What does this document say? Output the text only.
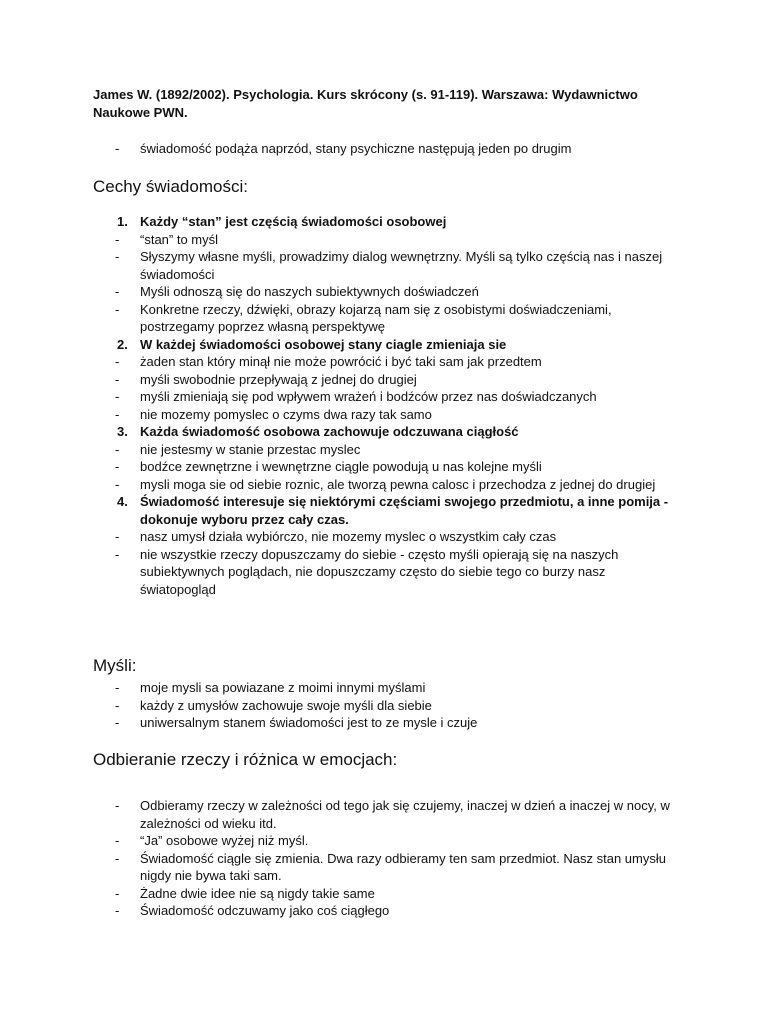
James W. (1892/2002). Psychologia. Kurs skrócony (s. 91-119). Warszawa: Wydawnictwo Naukowe PWN.
- świadomość podąża naprzód, stany psychiczne następują jeden po drugim
Cechy świadomości:
1. Każdy “stan” jest częścią świadomości osobowej
- “stan” to myśl
- Słyszymy własne myśli, prowadzimy dialog wewnętrzny. Myśli są tylko częścią nas i naszej świadomości
- Myśli odnoszą się do naszych subiektywnych doświadczeń
- Konkretne rzeczy, dźwięki, obrazy kojarzą nam się z osobistymi doświadczeniami, postrzegamy poprzez własną perspektywę
2. W każdej świadomości osobowej stany ciagle zmieniaja sie
- żaden stan który minął nie może powrócić i być taki sam jak przedtem
- myśli swobodnie przepływają z jednej do drugiej
- myśli zmieniają się pod wpływem wrażeń i bodźców przez nas doświadczanych
- nie mozemy pomyslec o czyms dwa razy tak samo
3. Każda świadomość osobowa zachowuje odczuwana ciągłość
- nie jestesmy w stanie przestac myslec
- bodźce zewnętrzne i wewnętrzne ciągle powodują u nas kolejne myśli
- mysli moga sie od siebie roznic, ale tworzą pewna calosc i przechodza z jednej do drugiej
4. Świadomość interesuje się niektórymi częściami swojego przedmiotu, a inne pomija - dokonuje wyboru przez cały czas.
- nasz umysł działa wybiórczo, nie mozemy myslec o wszystkim cały czas
- nie wszystkie rzeczy dopuszczamy do siebie - często myśli opierają się na naszych subiektywnych poglądach, nie dopuszczamy często do siebie tego co burzy nasz światopogląd
Myśli:
- moje mysli sa powiazane z moimi innymi myślami
- każdy z umysłów zachowuje swoje myśli dla siebie
- uniwersalnym stanem świadomości jest to ze mysle i czuje
Odbieranie rzeczy i różnica w emocjach:
- Odbieramy rzeczy w zależności od tego jak się czujemy, inaczej w dzień a inaczej w nocy, w zależności od wieku itd.
- “Ja” osobowe wyżej niż myśl.
- Świadomość ciągle się zmienia. Dwa razy odbieramy ten sam przedmiot. Nasz stan umysłu nigdy nie bywa taki sam.
- Żadne dwie idee nie są nigdy takie same
- Świadomość odczuwamy jako coś ciągłego
